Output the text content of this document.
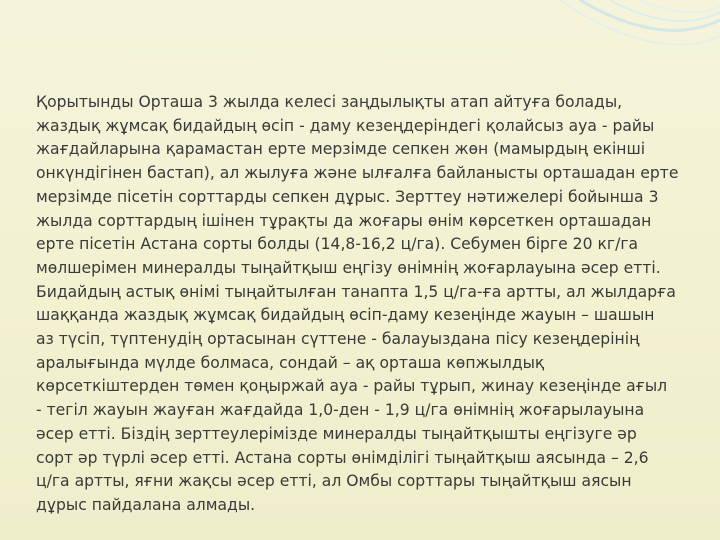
Қорытынды Орташа 3 жылда келесі заңдылықты атап айтуға болады,
жаздық жұмсақ бидайдың өсіп - даму кезеңдеріндегі қолайсыз ауа - райы
жағдайларына қарамастан ерте мерзімде сепкен жөн (мамырдың екінші
онкүндігінен бастап), ал жылуға және ылғалға байланысты орташадан ерте
мерзімде пісетін сорттарды сепкен дұрыс. Зерттеу нәтижелері бойынша 3
жылда сорттардың ішінен тұрақты да жоғары өнім көрсеткен орташадан
ерте пісетін Астана сорты болды (14,8-16,2 ц/га). Себумен бірге 20 кг/га
мөлшерімен минералды тыңайтқыш еңгізу өнімнің жоғарлауына әсер етті.
Бидайдың астық өнімі тыңайтылған танапта 1,5 ц/га-ға артты, ал жылдарға
шаққанда жаздық жұмсақ бидайдың өсіп-даму кезеңінде жауын – шашын
аз түсіп, түптенудің ортасынан сүттене - балауыздана пісу кезеңдерінің
аралығында мүлде болмаса, сондай – ақ орташа көпжылдық
көрсеткіштерден төмен қоңыржай ауа - райы тұрып, жинау кезеңінде ағыл
- тегіл жауын жауған жағдайда 1,0-ден - 1,9 ц/га өнімнің жоғарылауына
әсер етті. Біздің зерттеулерімізде минералды тыңайтқышты еңгізуге әр
сорт әр түрлі әсер етті. Астана сорты өнімділігі тыңайтқыш аясында – 2,6
ц/га артты, яғни жақсы әсер етті, ал Омбы сорттары тыңайтқыш аясын
дұрыс пайдалана алмады.
